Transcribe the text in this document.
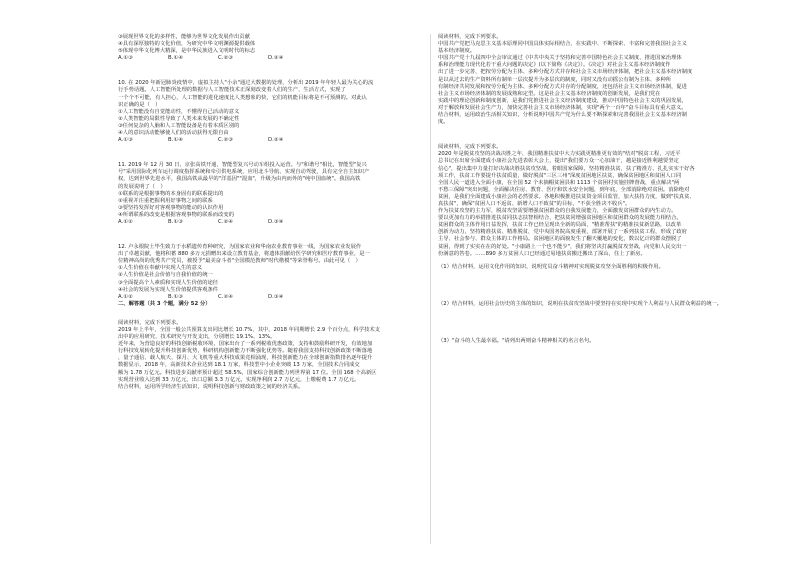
③展现世界文化的多样性，能够为世界文化发展作出贡献

④具有深厚独特的文化价值，为研究中华文明渊源提供载体

⑤体现中华文化博大精深，是中华民族进入文明时代的标志

A.①③	B.①④	C.②③	D.②④

10. 在 2020 年新冠肺炎疫情中，虚拟主持人"小余"通过大数据的处理，分析出 2019 年年轻人最为关心的流

行手势话题。人工智能所处理的数据与人工智能技术正深刻改变着人们的生产、生活方式，实现了

一个个不可能，有人担心，人工智能的进化速度比人类想象的快，它们的机能目标将是不可预测的。对此认

识正确的是（　）

①人工智能没有自觉能动性，不懂得自己活动的意义

②人类智能的局限性导致了人类未来发展的不确定性

③任何复杂的人脑和人工智能设备是有着本质区别的

④人的意识活动能够使人们的活动获得无限自由

A.①③	B.①④	C.②③	D.②④

11. 2019 年 12 月 30 日，京张高铁开通，智能型复兴号动车组投入运营。与"和谐号"相比，智能型"复兴

号"采用国际化列车运行调度指挥系统和牵引供电系统，应用北斗导航、实现自动驾驶，具有完全自主知识产

权，达到世界先进水平，我国高铁从最早的"洋基因""混血"，升级为由内而外的"纯中国血统"。我国高铁

的发展说明了（　）

①联系的是根据事物的本身固有的联系提出的

②重视并注重把握利用好事物之间的联系

③要坚持发挥好对客观事物的能动的认识作用

④所谓联系的改变是根据客观事物的联系而改变的

A.①②	B.①③	C.②④	D.③④

12. 卢永根院士毕生致力于水稻遗传育种研究，为国家农业和华南农业教育事业一线，为国家农业发展作

出了卓越贡献，他将积蓄 880 多万元捐赠出来设立教育基金，将遗体捐献给医学研究和医疗教育事业，是一

位精神高尚的优秀共产党员，被授予"最美奋斗者"全国模范教师"时代楷模"等荣誉称号。由此可见（　）

①人生价值在奉献中实现人生的意义

②人生价值是社会价值与自我价值的统一

③全面提高个人素质和实现人生价值的途径

④社会的发展为实现人生价值提供客观条件

A.①②	B.①③	C.②④	D.③④

二、解答题（共 3 个题，满分 52 分）

阅读材料，完成下列要求。

2019 年上半年，全国一般公共预算支出同比增长 10.7%，其中，2018 年同期增长 2.9 个百分点，科学技术支

出中的应用研究、技术研究与开发支出，分别增长 19.1%、13%。

近年来，为营造良好的科技创新税收环境，国家出台了一系列税收优惠政策，支持和鼓励科研开发，有效地加

行科技发展转化提升科技创新优势，科研机构创新能力不断强化优势等。随着我国支持科技创新政策不断落地

，量子通信、载人航天、探月、大飞机等重大科技成果竞相涌现，科技创新能力在全球创新指数排名逐年提升

数据显示，2018 年，高新技术企业达到 18.1 万家，科技型中小企业突破 13 万家，全国技术合同成交

额为 1.78 万亿元。科技进步贡献率预计超过 58.5%，国家综合创新能力列世界第 17 位。全国 168 个高新区

实现营业收入达到 33 万亿元，出口总额 3.3 万亿元，实现净利润 2.7 万亿元，上缴税费 1.7 万亿元。

结合材料，运用所学经济生活知识，说明科技创新与财政政策之间的经济关系。

阅读材料，完成下列要求。

中国共产党把马克思主义基本原理同中国具体实际相结合，在实践中、不断探索、丰富和完善我国社会主义

基本经济制度。

中国共产党十九届四中全会审议通过《中共中央关于坚持和完善中国特色社会主义制度、推进国家治理体

系和治理能力现代化若干重大问题的决定》(以下简称《决定》）。《决定》对社会主义基本经济制度作

出了进一步完善，把按劳分配为主体、多种分配方式并存和社会主义市场经济体制，把社会主义基本经济制度

是以从过去的生产资料所有制单一层次提升为多层次的制度，同时又没有动摇公有制为主体、多种所

有制经济共同发展和按劳分配为主体、多种分配方式并存的分配制度，还包括社会主义市场经济体制，促进

社会主义市场经济体制的发展成熟和定型。这是社会主义基本经济制度的创新发展，是我们党在

实践中的理论创新和制度创新，是我们党推进社会主义经济制度建设，推动中国特色社会主义的巩固发展，

对于解放和发展社会生产力，加快完善社会主义市场经济体制，实现"两个一百年"奋斗目标具有重大意义。

结合材料，运用政治生活相关知识，分析说明中国共产党为什么要不断探索和完善我国社会主义基本经济制

度。

阅读材料，完成下列要求。

2020 年是脱贫攻坚的决战决胜之年，我国精准扶贫中大力实践更精准更有效的"结对"脱贫工程，习近平

总书记在出席全面建成小康社会先进表彰大会上，提出"我们要万众一心加油干，越是接近胜利越要坚定

信心"，提出集中力量打好决战决胜扶贫攻坚战，着眼国家保障，坚持精准扶贫，扶了精准方、扎扎实实干好各

项工作，扶贫工作要提升扶贫质量，做好脱贫"三区三州"深度贫困地区扶贫，确保贫困地区和贫困人口同

全国人民一道进入全面小康，在全国 52 个未摘帽贫困县和 1113 个贫困村实施挂牌督战，重点解决"两

不愁三保障"突出问题，全面解决住房、教育、医疗和饮水安全问题，到年底，全部消除绝对贫困。消除绝对

贫困，是我们全面建成小康社会的必然要求。各地积极推进扶贫资金项目监管，加大扶持力度，做到"扶真贫、

真扶贫"，确保"贫困人口不返贫、新增人口不致贫"的目标，"不获全胜决不收兵"。

作为扶贫攻坚的主力军，脱贫攻坚需要增强贫困群众的自我发展能力，全面激发贫困群众的内生动力。

要以更加有力的举措推进扶贫同扶志扶智相结合，把扶贫同增强贫困地区和贫困群众的发展能力相结合。

贫困群众的主体作用日益发挥，扶贫工作已经呈现出全新的局面，"精准帮扶"的精准扶贫新思路，以改革

创新为动力，坚持精准扶贫、精准脱贫，党中央国务院高度重视，部署开展了一系列扶贫工程，形成了政府

主导、社会参与、群众主体的工作格局。贫困地区的面貌发生了翻天覆地的变化，数以亿计的群众摆脱了

贫困，得到了实实在在的好处。"小康路上一个也不能少"，我们将坚决打赢脱贫攻坚战，向党和人民交出一

份满意的答卷。……890 多万贫困人口已经通过易地扶贫搬迁搬出了深山，住上了新房。

（1）结合材料，运用文化作用的知识，说明党员奋斗精神对实现脱贫攻坚全面胜利的积极作用。

（2）结合材料，运用社会历史的主体的知识，说明在扶贫攻坚战中要坚持在实现中实现个人利益与人民群众利益的统一。

（3）"奋斗的人生最幸福。"请列出两则奋斗精神相关的名言名句。
